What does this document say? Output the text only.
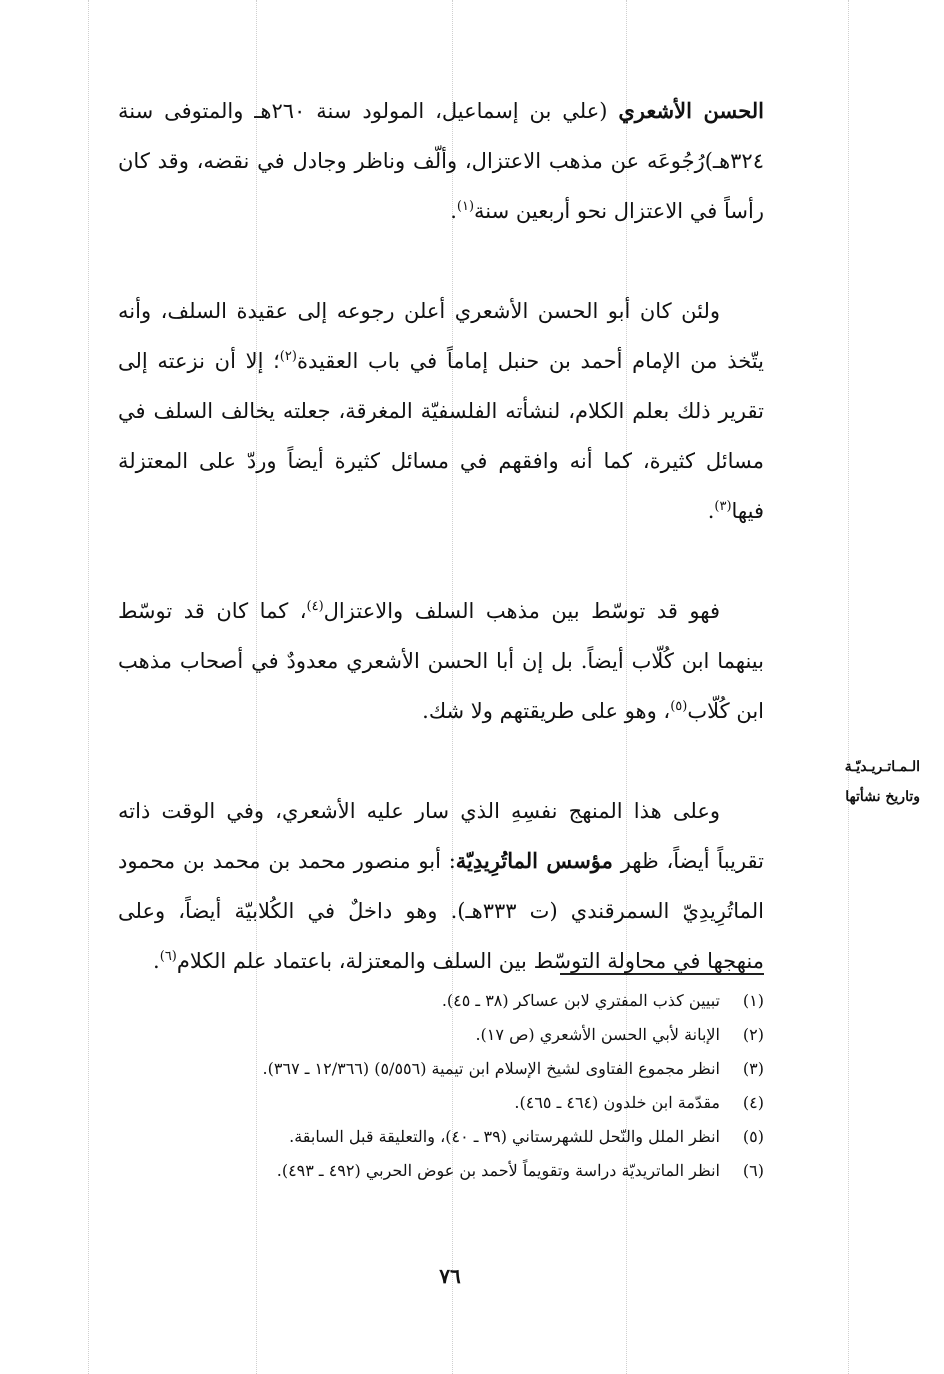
الحسن الأشعري (علي بن إسماعيل، المولود سنة ٢٦٠هـ والمتوفى سنة ٣٢٤هـ)رُجُوعَه عن مذهب الاعتزال، وألّف وناظر وجادل في نقضه، وقد كان رأساً في الاعتزال نحو أربعين سنة$^{(١)}$.

ولئن كان أبو الحسن الأشعري أعلن رجوعه إلى عقيدة السلف، وأنه يتّخذ من الإمام أحمد بن حنبل إماماً في باب العقيدة$^{(٢)}$؛ إلا أن نزعته إلى تقرير ذلك بعلم الكلام، لنشأته الفلسفيّة المغرقة، جعلته يخالف السلف في مسائل كثيرة، كما أنه وافقهم في مسائل كثيرة أيضاً وردّ على المعتزلة فيها$^{(٣)}$.

فهو قد توسّط بين مذهب السلف والاعتزال$^{(٤)}$، كما كان قد توسّط بينهما ابن كُلّاب أيضاً. بل إن أبا الحسن الأشعري معدودٌ في أصحاب مذهب ابن كُلّاب$^{(٥)}$، وهو على طريقتهم ولا شك.

وعلى هذا المنهج نفسِهِ الذي سار عليه الأشعري، وفي الوقت ذاته تقريباً أيضاً، ظهر مؤسس الماتُرِيدِيّة: أبو منصور محمد بن محمد بن محمود الماتُرِيدِيّ السمرقندي (ت ٣٣٣هـ). وهو داخلٌ في الكُلابيّة أيضاً، وعلى منهجها في محاولة التوسّط بين السلف والمعتزلة، باعتماد علم الكلام$^{(٦)}$.

الـمـاتـريـديّـة
وتاريخ نشأتها
(١)
تبيين كذب المفتري لابن عساكر (٣٨ ـ ٤٥).
(٢)
الإبانة لأبي الحسن الأشعري (ص ١٧).
(٣)
انظر مجموع الفتاوى لشيخ الإسلام ابن تيمية (٥/٥٥٦) (١٢/٣٦٦ ـ ٣٦٧).
(٤)
مقدّمة ابن خلدون (٤٦٤ ـ ٤٦٥).
(٥)
انظر الملل والنّحل للشهرستاني (٣٩ ـ ٤٠)، والتعليقة قبل السابقة.
(٦)
انظر الماتريديّة دراسة وتقويماً لأحمد بن عوض الحربي (٤٩٢ ـ ٤٩٣).
٧٦
